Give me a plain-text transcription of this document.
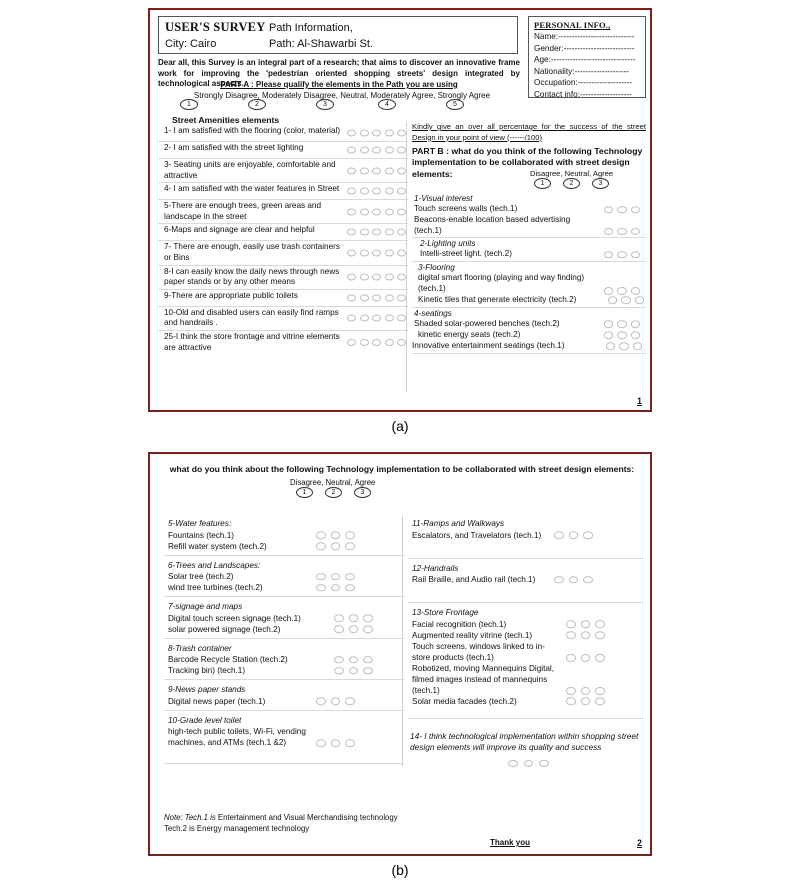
USER'S SURVEY Path Information,
City: Cairo	Path: Al-Shawarbi St.
PERSONAL INFO.,
Name:----------------------------
Gender:--------------------------
Age:-------------------------------
Nationality:--------------------
Occupation:--------------------
Contact info:-------------------
Dear all, this Survey is an integral part of a research; that aims to discover an innovative frame work for improving the 'pedestrian oriented shopping streets' design integrated by technological aspects.
PART A : Please qualify the elements in the Path you are using
Strongly Disagree, Moderately Disagree, Neutral, Moderately Agree, Strongly Agree
1	2	3	4	5
Street Amenities elements
1- I am satisfied with the flooring (color, material)
2- I am satisfied with the street lighting
3- Seating units are enjoyable, comfortable and attractive
4- I am satisfied with the water features in Street
5-There are enough trees, green areas and landscape in the street
6-Maps and signage are clear and helpful
7- There are enough, easily use trash containers or Bins
8-I can easily know the daily news through news paper stands or by any other means
9-There are appropriate public toilets
10-Old and disabled users can easily find ramps and handrails .
25-I think the store frontage and vitrine elements are attractive
Kindly give an over all percentage for the success of the street Design in your point of view (------/100)
PART B : what do you think of the following Technology implementation to be collaborated with street design elements:	Disagree, Neutral, Agree
1	2	3
1-Visual interest
Touch screens walls (tech.1)
Beacons-enable location based advertising (tech.1)
2-Lighting units
Intelli-street light. (tech.2)
3-Flooring
digital smart flooring (playing and way finding) (tech.1)
Kinetic tiles that generate electricity (tech.2)
4-seatings
Shaded solar-powered benches (tech.2)
kinetic energy seats (tech.2)
Innovative entertainment seatings (tech.1)
1
(a)
what do you think about the following Technology implementation to be collaborated with street design elements:
Disagree, Neutral, Agree
1	2	3
5-Water features:
Fountains (tech.1)
Refill water system (tech.2)
6-Trees and Landscapes:
Solar tree (tech.2)
wind tree turbines (tech.2)
7-signage and maps
Digital touch screen signage (tech.1)
solar powered signage (tech.2)
8-Trash container
Barcode Recycle Station (tech.2)
Tracking bin) (tech.1)
9-News paper stands
Digital news paper (tech.1)
10-Grade level toilet
high-tech public toilets, Wi-Fi, vending machines, and ATMs (tech.1 &2)
11-Ramps and Walkways
Escalators, and Travelators (tech.1)
12-Handrails
Rail Braille, and Audio rail (tech.1)
13-Store Frontage
Facial recognition (tech.1)
Augmented reality vitrine (tech.1)
Touch screens, windows linked to in-store products (tech.1)
Robotized, moving Mannequins Digital, filmed images instead of mannequins (tech.1)
Solar media facades (tech.2)
14- I think technological implementation within shopping street design elements will improve its quality and success
Note: Tech.1 is Entertainment and Visual Merchandising technology
Tech.2 is Energy management technology
Thank you	2
(b)
